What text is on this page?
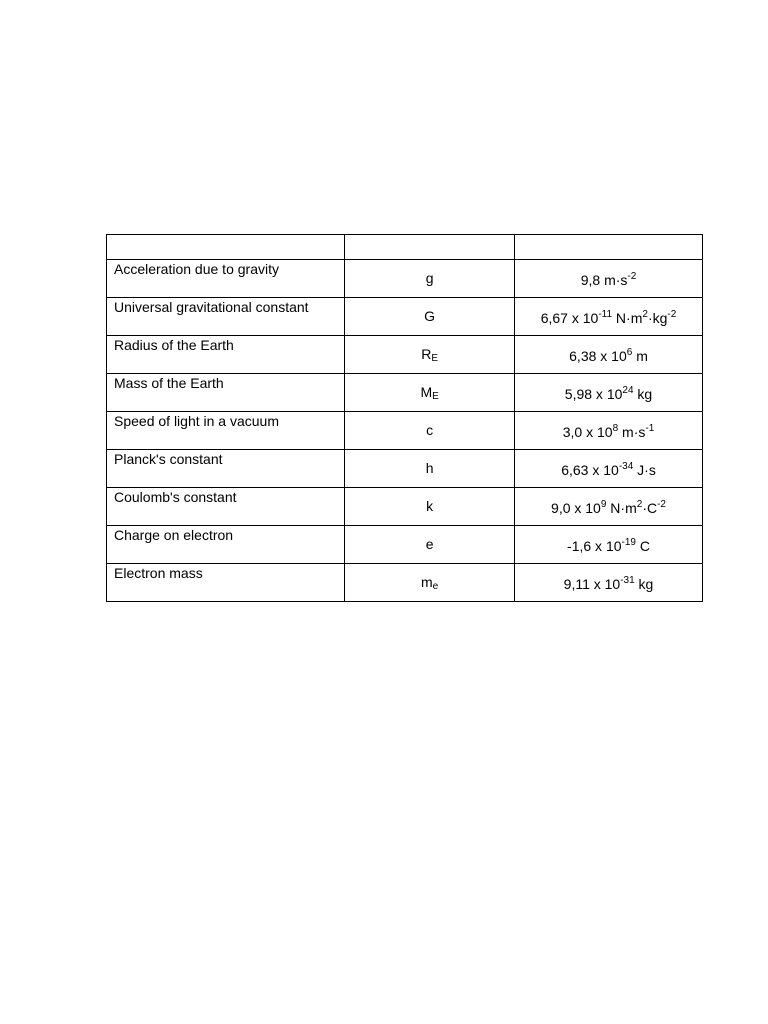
Acceleration due to gravity	g	9,8 $m\cdot s^{-2}$
Universal gravitational constant	G	6,67 x $10^{-11}$ $N\cdot m^2\cdot kg^{-2}$
Radius of the Earth	$R_E$	6,38 x $10^6$ m
Mass of the Earth	$M_E$	5,98 x $10^{24}$ kg
Speed of light in a vacuum	c	3,0 x $10^8$ $m\cdot s^{-1}$
Planck's constant	h	6,63 x $10^{-34}$ J·s
Coulomb's constant	k	9,0 x $10^9$ $N\cdot m^2\cdot C^{-2}$
Charge on electron	e	-1,6 x $10^{-19}$ C
Electron mass	$m_e$	9,11 x $10^{-31}$ kg
